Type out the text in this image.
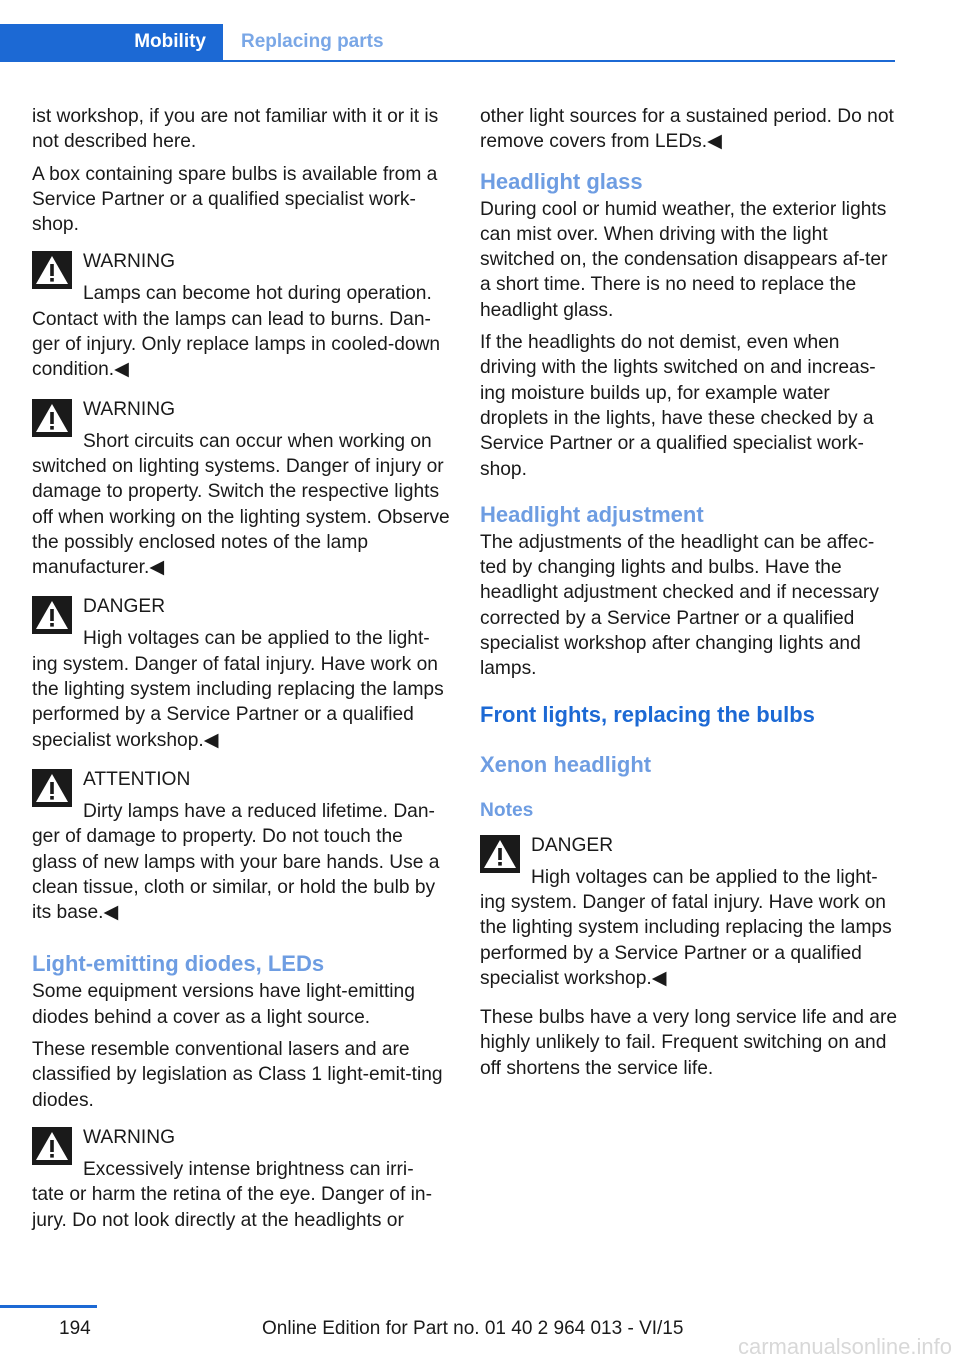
Mobility	Replacing parts

ist workshop, if you are not familiar with it or it is not described here.

A box containing spare bulbs is available from a Service Partner or a qualified specialist work‐shop.

WARNING
Lamps can become hot during operation.

Contact with the lamps can lead to burns. Dan‐ger of injury. Only replace lamps in cooled-down condition.◀

WARNING
Short circuits can occur when working on

switched on lighting systems. Danger of injury or damage to property. Switch the respective lights off when working on the lighting system. Observe the possibly enclosed notes of the lamp manufacturer.◀

DANGER
High voltages can be applied to the light‐

ing system. Danger of fatal injury. Have work on the lighting system including replacing the lamps performed by a Service Partner or a qualified specialist workshop.◀

ATTENTION
Dirty lamps have a reduced lifetime. Dan‐

ger of damage to property. Do not touch the glass of new lamps with your bare hands. Use a clean tissue, cloth or similar, or hold the bulb by its base.◀

Light-emitting diodes, LEDs

Some equipment versions have light-emitting diodes behind a cover as a light source.

These resemble conventional lasers and are classified by legislation as Class 1 light-emit‐ting diodes.

WARNING
Excessively intense brightness can irri‐

tate or harm the retina of the eye. Danger of in‐jury. Do not look directly at the headlights or

other light sources for a sustained period. Do not remove covers from LEDs.◀

Headlight glass

During cool or humid weather, the exterior lights can mist over. When driving with the light switched on, the condensation disappears af‐ter a short time. There is no need to replace the headlight glass.

If the headlights do not demist, even when driving with the lights switched on and increas‐ing moisture builds up, for example water droplets in the lights, have these checked by a Service Partner or a qualified specialist work‐shop.

Headlight adjustment

The adjustments of the headlight can be affec‐ted by changing lights and bulbs. Have the headlight adjustment checked and if necessary corrected by a Service Partner or a qualified specialist workshop after changing lights and lamps.

Front lights, replacing the bulbs
Xenon headlight
Notes
DANGER
High voltages can be applied to the light‐

ing system. Danger of fatal injury. Have work on the lighting system including replacing the lamps performed by a Service Partner or a qualified specialist workshop.◀

These bulbs have a very long service life and are highly unlikely to fail. Frequent switching on and off shortens the service life.

194	Online Edition for Part no. 01 40 2 964 013 - VI/15
carmanualsonline.info
